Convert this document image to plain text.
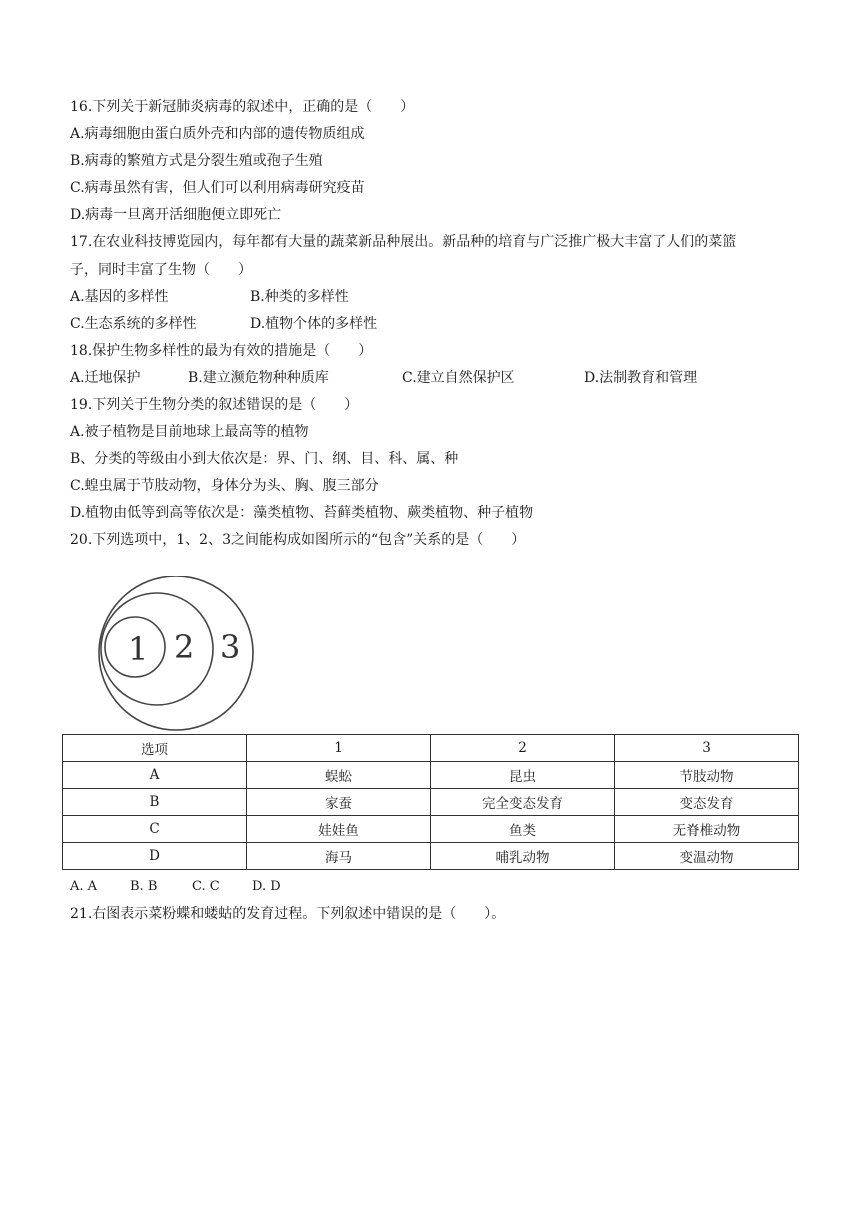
16.下列关于新冠肺炎病毒的叙述中，正确的是（　　）
A.病毒细胞由蛋白质外壳和内部的遗传物质组成
B.病毒的繁殖方式是分裂生殖或孢子生殖
C.病毒虽然有害，但人们可以利用病毒研究疫苗
D.病毒一旦离开活细胞便立即死亡
17.在农业科技博览园内，每年都有大量的蔬菜新品种展出。新品种的培育与广泛推广极大丰富了人们的菜篮
子，同时丰富了生物（　　）
A.基因的多样性	B.种类的多样性
C.生态系统的多样性	D.植物个体的多样性
18.保护生物多样性的最为有效的措施是（　　）
A.迁地保护	B.建立濒危物种种质库	C.建立自然保护区	D.法制教育和管理
19.下列关于生物分类的叙述错误的是（　　）
A.被子植物是目前地球上最高等的植物
B、分类的等级由小到大依次是：界、门、纲、目、科、属、种
C.蝗虫属于节肢动物，身体分为头、胸、腹三部分
D.植物由低等到高等依次是：藻类植物、苔藓类植物、蕨类植物、种子植物
20.下列选项中，1、2、3之间能构成如图所示的“包含”关系的是（　　）
1 2 3
选项	1	2	3
A	蜈蚣	昆虫	节肢动物
B	家蚕	完全变态发育	变态发育
C	娃娃鱼	鱼类	无脊椎动物
D	海马	哺乳动物	变温动物
A. A	B. B	C. C D. D
21.右图表示菜粉蝶和蝼蛄的发育过程。下列叙述中错误的是（　　）。
